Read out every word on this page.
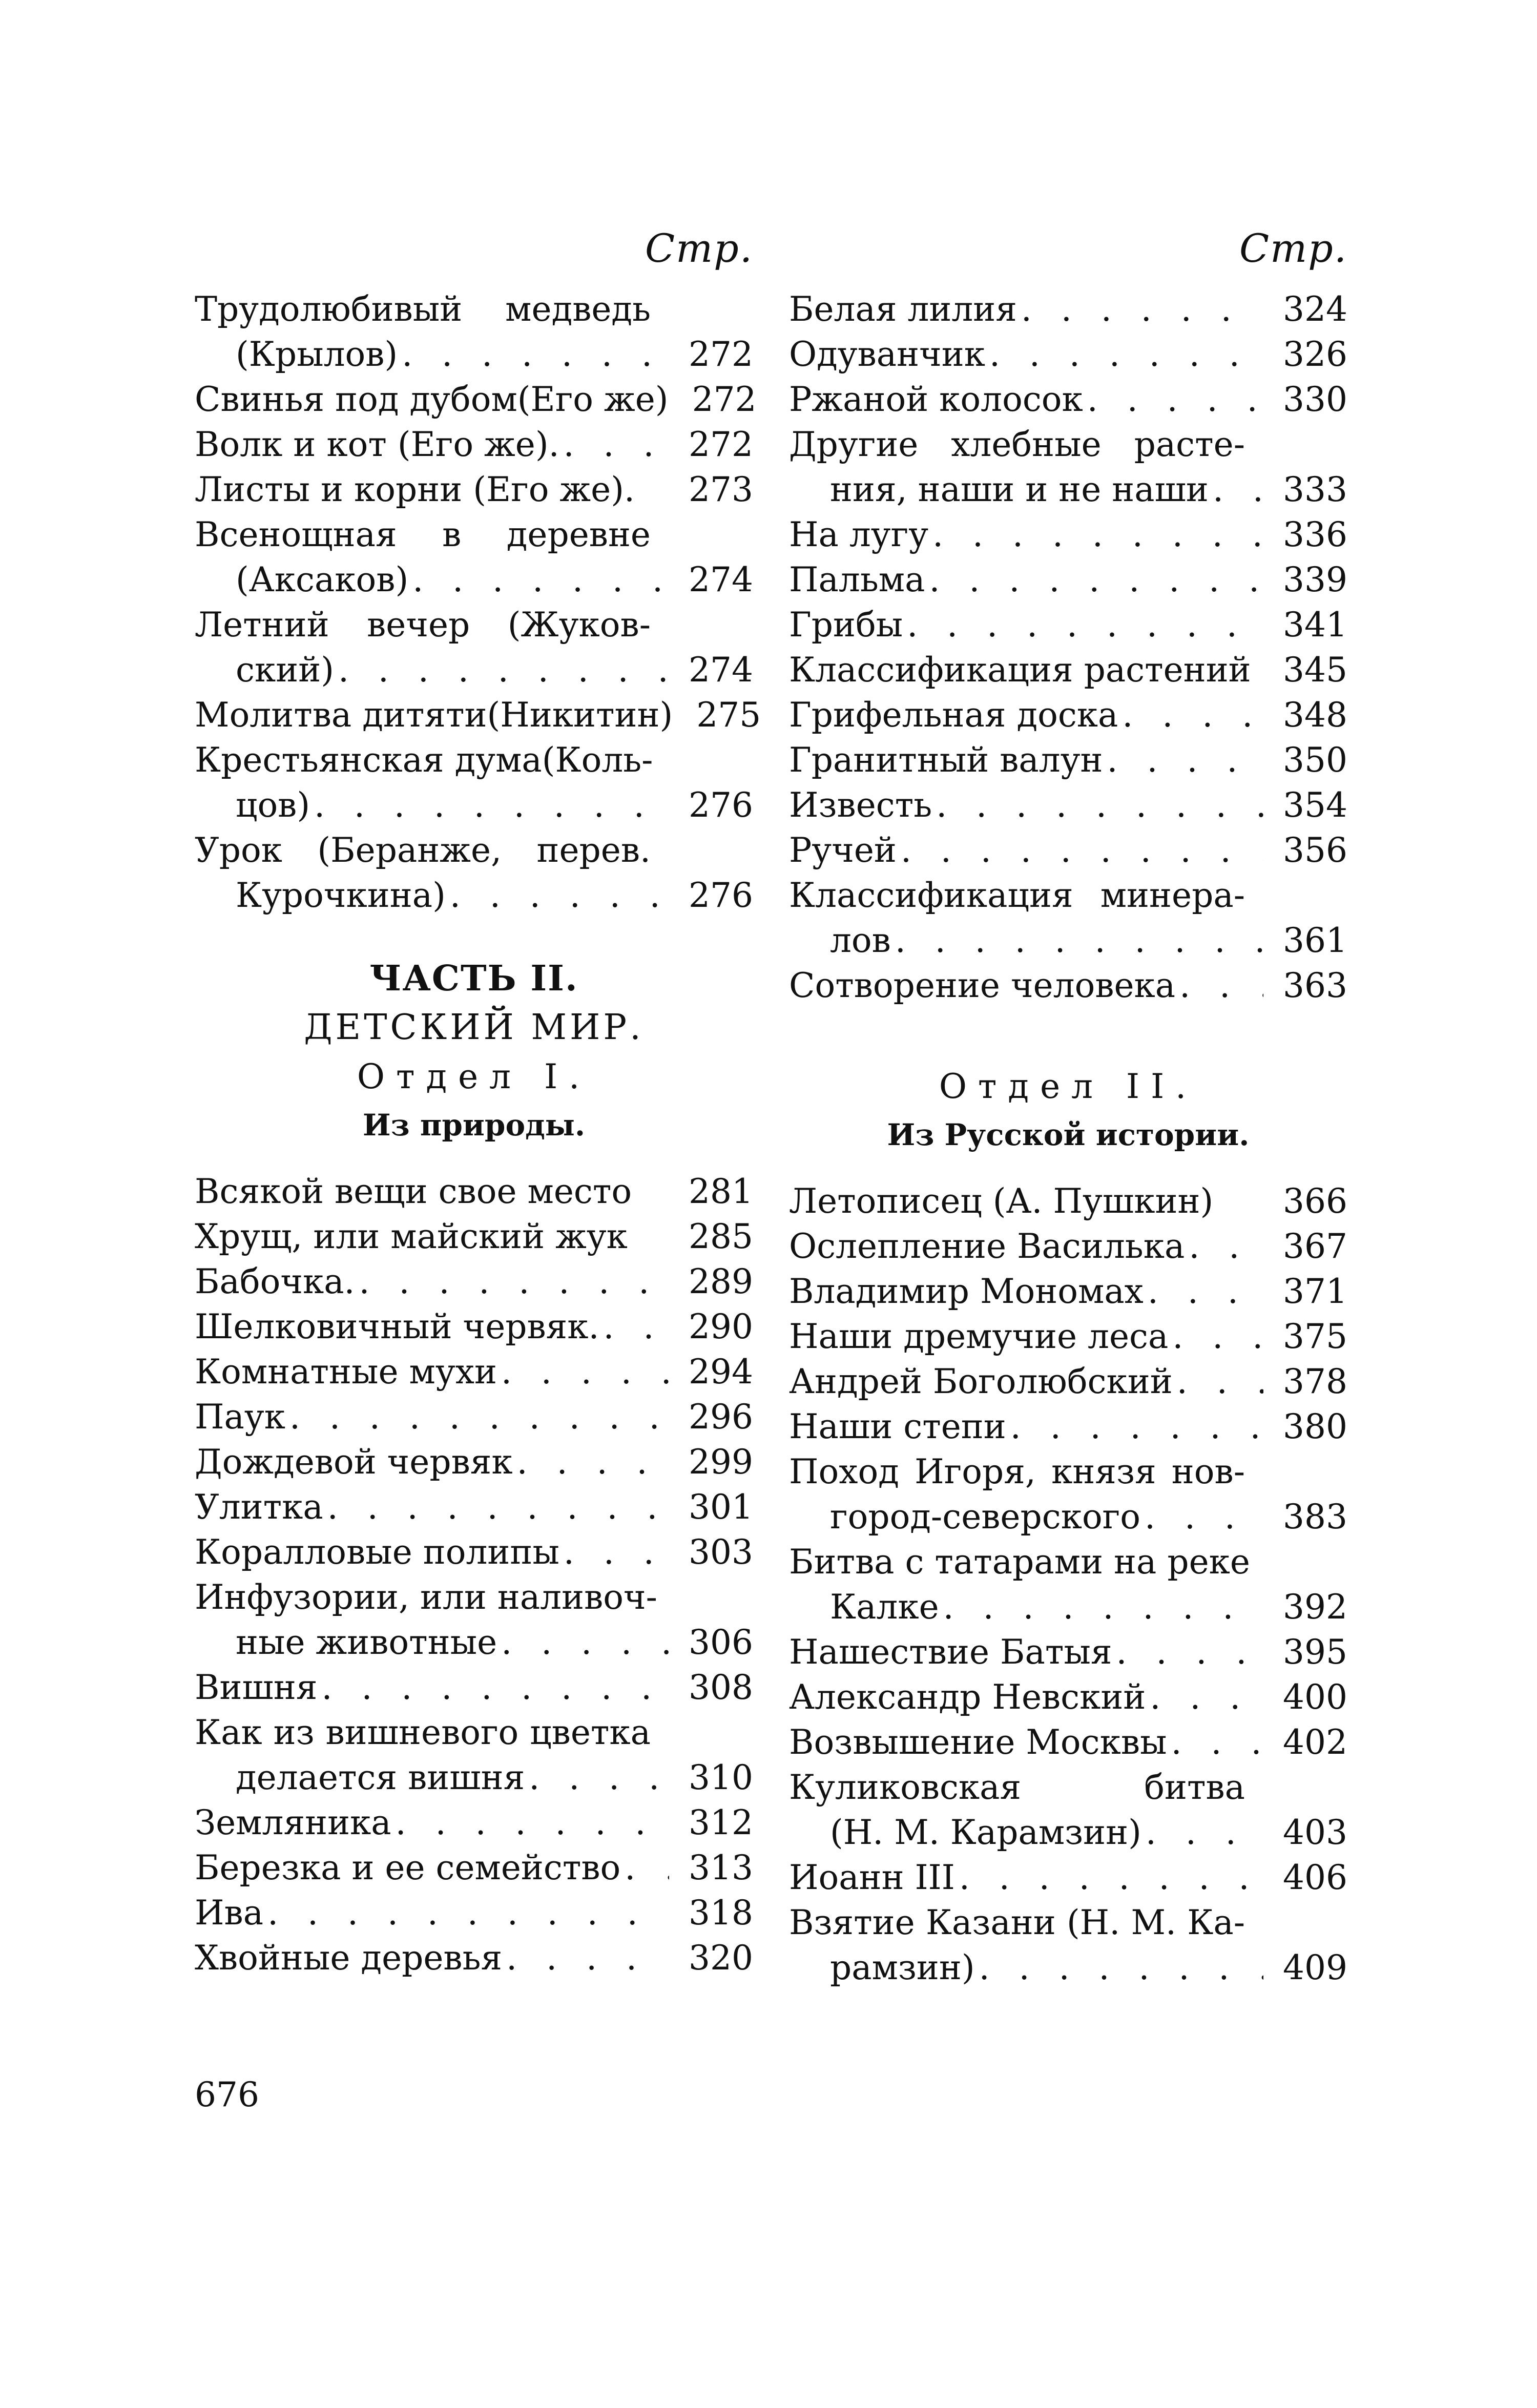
Стр.
Трудолюбивый медведь
(Крылов) . . .	272
Свинья под дубом(Его же) 272
Волк и кот (Его же). . . .	272
Листы и корни (Его же).	273
Всенощная в деревне
(Аксаков) . . .	274
Летний вечер (Жуков-
ский) . . .	274
Молитва дитяти(Никитин) 275
Крестьянская дума(Коль-
цов) . . .	276
Урок (Беранже, перев.
Курочкина) . . .	276
ЧАСТЬ II.
ДЕТСКИЙ МИР.
Отдел I.
Из природы.
Всякой вещи свое место	281
Хрущ, или майский жук	285
Бабочка. . . .	289
Шелковичный червяк. . . .	290
Комнатные мухи . . .	294
Паук . . .	296
Дождевой червяк . . .	299
Улитка . . .	301
Коралловые полипы . . .	303
Инфузории, или наливоч-
ные животные . . .	306
Вишня . . .	308
Как из вишневого цветка
делается вишня . . .	310
Земляника . . .	312
Березка и ее семейство . . .	313
Ива . . .	318
Хвойные деревья . . .	320
Стр.
Белая лилия . . .	324
Одуванчик . . .	326
Ржаной колосок . . .	330
Другие хлебные расте-
ния, наши и не наши . . .	333
На лугу . . .	336
Пальма . . .	339
Грибы . . .	341
Классификация растений 345
Грифельная доска . . .	348
Гранитный валун . . .	350
Известь . . .	354
Ручей . . .	356
Классификация минера-
лов . . .	361
Сотворение человека . . .	363
Отдел II.
Из Русской истории.
Летописец (А. Пушкин)	366
Ослепление Василька . . .	367
Владимир Мономах . . .	371
Наши дремучие леса . . .	375
Андрей Боголюбский . . .	378
Наши степи . . .	380
Поход Игоря, князя нов-
город-северского . . .	383
Битва с татарами на реке
Калке . . .	392
Нашествие Батыя . . .	395
Александр Невский . . .	400
Возвышение Москвы . . .	402
Куликовская битва
(Н. М. Карамзин) . . .	403
Иоанн III . . .	406
Взятие Казани (Н. М. Ка-
рамзин) . . .	409
676
